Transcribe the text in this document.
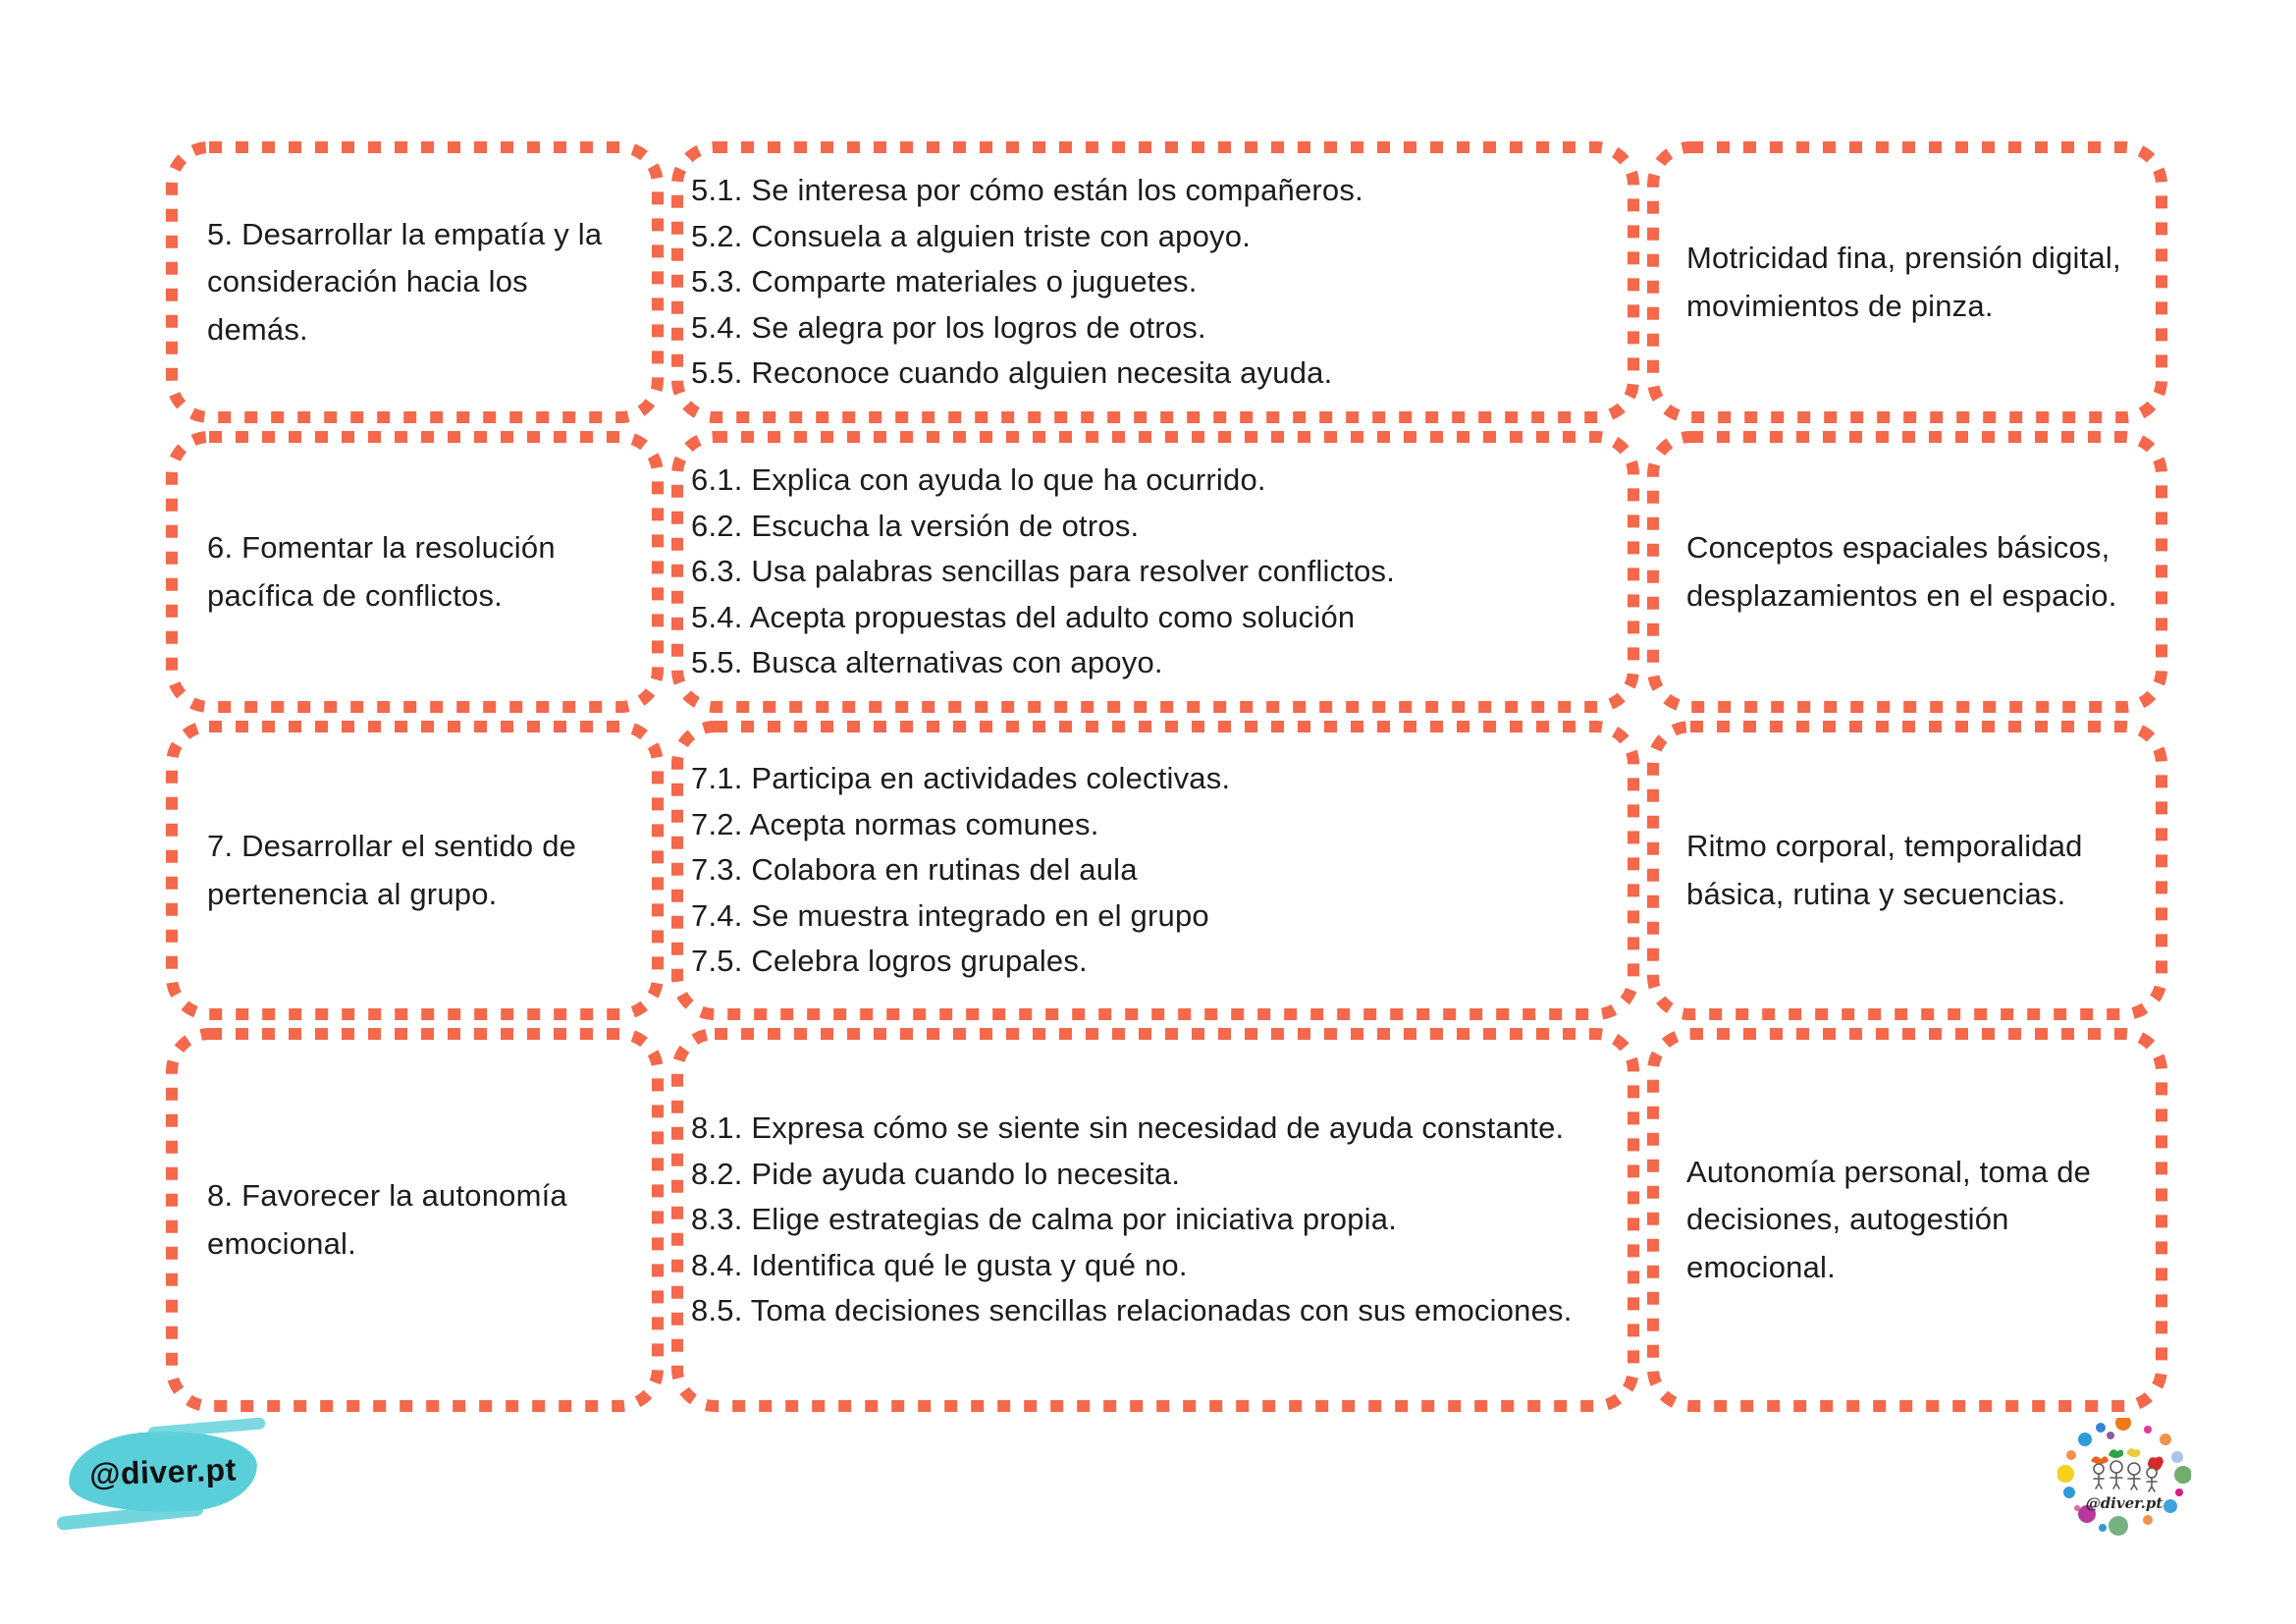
5. Desarrollar la empatía y la consideración hacia los demás.

5.1. Se interesa por cómo están los compañeros.

5.2. Consuela a alguien triste con apoyo.

5.3. Comparte materiales o juguetes.

5.4. Se alegra por los logros de otros.

5.5. Reconoce cuando alguien necesita ayuda.

Motricidad fina, prensión digital, movimientos de pinza.
6. Fomentar la resolución pacífica de conflictos.

6.1. Explica con ayuda lo que ha ocurrido.

6.2. Escucha la versión de otros.

6.3. Usa palabras sencillas para resolver conflictos.

5.4. Acepta propuestas del adulto como solución

5.5. Busca alternativas con apoyo.

Conceptos espaciales básicos, desplazamientos en el espacio.
7. Desarrollar el sentido de pertenencia al grupo.

7.1. Participa en actividades colectivas.

7.2. Acepta normas comunes.

7.3. Colabora en rutinas del aula

7.4. Se muestra integrado en el grupo

7.5. Celebra logros grupales.

Ritmo corporal, temporalidad básica, rutina y secuencias.
8. Favorecer la autonomía emocional.

8.1. Expresa cómo se siente sin necesidad de ayuda constante.

8.2. Pide ayuda cuando lo necesita.

8.3. Elige estrategias de calma por iniciativa propia.

8.4. Identifica qué le gusta y qué no.

8.5. Toma decisiones sencillas relacionadas con sus emociones.

Autonomía personal, toma de decisiones, autogestión emocional.
@diver.pt
@diver.pt
